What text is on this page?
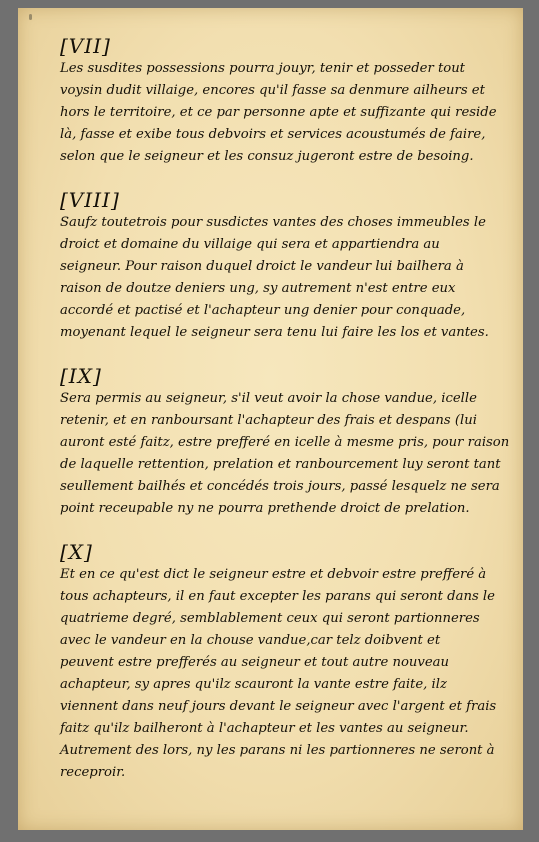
[VII]

Les susdites possessions pourra jouyr, tenir et posseder tout

voysin dudit villaige, encores qu'il fasse sa denmure ailheurs et

hors le territoire, et ce par personne apte et suffizante qui reside

là, fasse et exibe tous debvoirs et services acoustumés de faire,

selon que le seigneur et les consuz jugeront estre de besoing.

[VIII]

Saufz toutetrois pour susdictes vantes des choses immeubles le

droict et domaine du villaige qui sera et appartiendra au

seigneur. Pour raison duquel droict le vandeur lui bailhera à

raison de doutze deniers ung, sy autrement n'est entre eux

accordé et pactisé et l'achapteur ung denier pour conquade,

moyenant lequel le seigneur sera tenu lui faire les los et vantes.

[IX]

Sera permis au seigneur, s'il veut avoir la chose vandue, icelle

retenir, et en ranboursant l'achapteur des frais et despans (lui

auront esté faitz, estre prefferé en icelle à mesme pris, pour raison

de laquelle rettention, prelation et ranbourcement luy seront tant

seullement bailhés et concédés trois jours, passé lesquelz ne sera

point receupable ny ne pourra prethende droict de prelation.

[X]

Et en ce qu'est dict le seigneur estre et debvoir estre prefferé à

tous achapteurs, il en faut excepter les parans qui seront dans le

quatrieme degré, semblablement ceux qui seront partionneres

avec le vandeur en la chouse vandue,car telz doibvent et

peuvent estre prefferés au seigneur et tout autre nouveau

achapteur, sy apres qu'ilz scauront la vante estre faite, ilz

viennent dans neuf jours devant le seigneur avec l'argent et frais

faitz qu'ilz bailheront à l'achapteur et les vantes au seigneur.

Autrement des lors, ny les parans ni les partionneres ne seront à

receproir.
